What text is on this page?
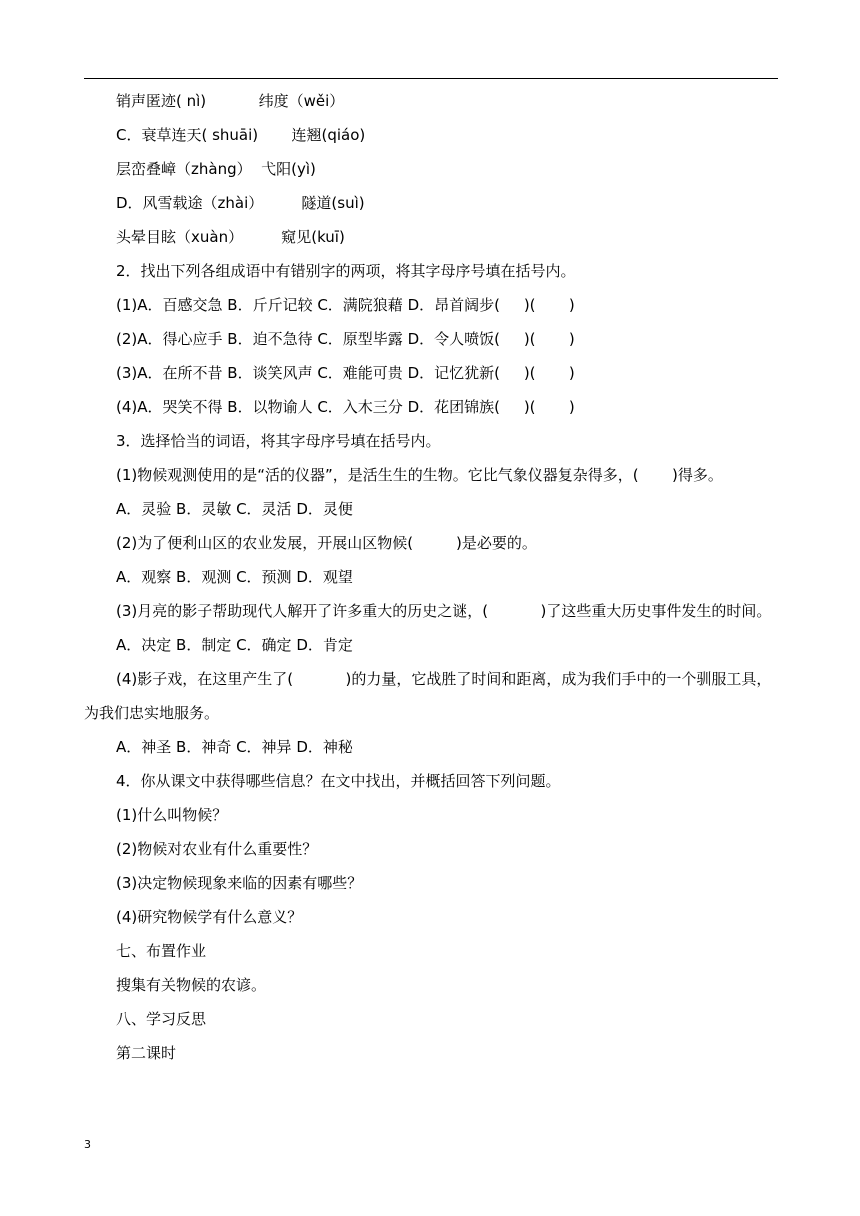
销声匿迹( nì)           纬度（wěi）
C．衰草连天( shuāi)       连翘(qiáo)
层峦叠嶂（zhàng）  弋阳(yì)
D．风雪载途（zhài）        隧道(suì)
头晕目眩（xuàn）        窥见(kuī)
2．找出下列各组成语中有错别字的两项，将其字母序号填在括号内。
(1)A．百感交急 B．斤斤记较 C．满院狼藉 D．昂首阔步(     )(       )
(2)A．得心应手 B．迫不急待 C．原型毕露 D．令人喷饭(     )(       )
(3)A．在所不昔 B．谈笑风声 C．难能可贵 D．记忆犹新(     )(       )
(4)A．哭笑不得 B．以物谕人 C．入木三分 D．花团锦族(     )(       )
3．选择恰当的词语，将其字母序号填在括号内。
(1)物候观测使用的是“活的仪器”，是活生生的生物。它比气象仪器复杂得多，(       )得多。
A．灵验 B．灵敏 C．灵活 D．灵便
(2)为了便利山区的农业发展，开展山区物候(         )是必要的。
A．观察 B．观测 C．预测 D．观望
(3)月亮的影子帮助现代人解开了许多重大的历史之谜，(           )了这些重大历史事件发生的时间。
A．决定 B．制定 C．确定 D．肯定
(4)影子戏，在这里产生了(           )的力量，它战胜了时间和距离，成为我们手中的一个驯服工具，为我们忠实地服务。
A．神圣 B．神奇 C．神异 D．神秘
4．你从课文中获得哪些信息？在文中找出，并概括回答下列问题。
(1)什么叫物候？
(2)物候对农业有什么重要性？
(3)决定物候现象来临的因素有哪些？
(4)研究物候学有什么意义？
七、布置作业
搜集有关物候的农谚。
八、学习反思
第二课时
3
